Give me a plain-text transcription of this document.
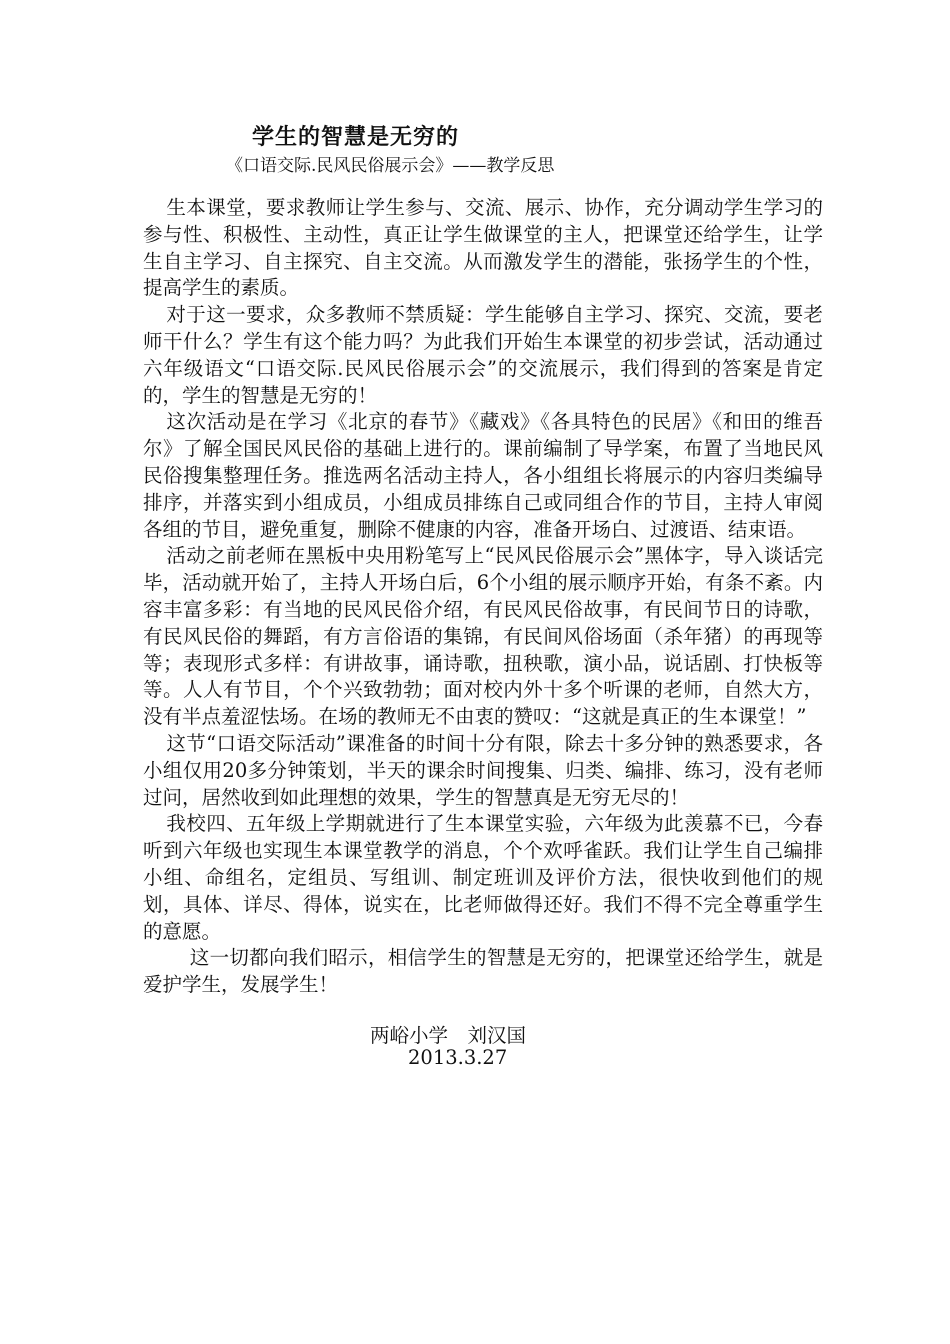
学生的智慧是无穷的
《口语交际.民风民俗展示会》——教学反思

生本课堂，要求教师让学生参与、交流、展示、协作，充分调动学生学习的参与性、积极性、主动性，真正让学生做课堂的主人，把课堂还给学生，让学生自主学习、自主探究、自主交流。从而激发学生的潜能，张扬学生的个性，提高学生的素质。

对于这一要求，众多教师不禁质疑：学生能够自主学习、探究、交流，要老师干什么？学生有这个能力吗？为此我们开始生本课堂的初步尝试，活动通过六年级语文“口语交际.民风民俗展示会”的交流展示，我们得到的答案是肯定的，学生的智慧是无穷的！

这次活动是在学习《北京的春节》《藏戏》《各具特色的民居》《和田的维吾尔》了解全国民风民俗的基础上进行的。课前编制了导学案，布置了当地民风民俗搜集整理任务。推选两名活动主持人，各小组组长将展示的内容归类编导排序，并落实到小组成员，小组成员排练自己或同组合作的节目，主持人审阅各组的节目，避免重复，删除不健康的内容，准备开场白、过渡语、结束语。

活动之前老师在黑板中央用粉笔写上“民风民俗展示会”黑体字，导入谈话完毕，活动就开始了，主持人开场白后，6个小组的展示顺序开始，有条不紊。内容丰富多彩：有当地的民风民俗介绍，有民风民俗故事，有民间节日的诗歌，有民风民俗的舞蹈，有方言俗语的集锦，有民间风俗场面（杀年猪）的再现等等；表现形式多样：有讲故事，诵诗歌，扭秧歌，演小品，说话剧、打快板等等。人人有节目，个个兴致勃勃；面对校内外十多个听课的老师，自然大方，没有半点羞涩怯场。在场的教师无不由衷的赞叹：“这就是真正的生本课堂！”

这节“口语交际活动”课准备的时间十分有限，除去十多分钟的熟悉要求，各小组仅用20多分钟策划，半天的课余时间搜集、归类、编排、练习，没有老师过问，居然收到如此理想的效果，学生的智慧真是无穷无尽的！

我校四、五年级上学期就进行了生本课堂实验，六年级为此羡慕不已，今春听到六年级也实现生本课堂教学的消息，个个欢呼雀跃。我们让学生自己编排小组、命组名，定组员、写组训、制定班训及评价方法，很快收到他们的规划，具体、详尽、得体，说实在，比老师做得还好。我们不得不完全尊重学生的意愿。

这一切都向我们昭示，相信学生的智慧是无穷的，把课堂还给学生，就是爱护学生，发展学生！

两峪小学　刘汉国
2013.3.27
